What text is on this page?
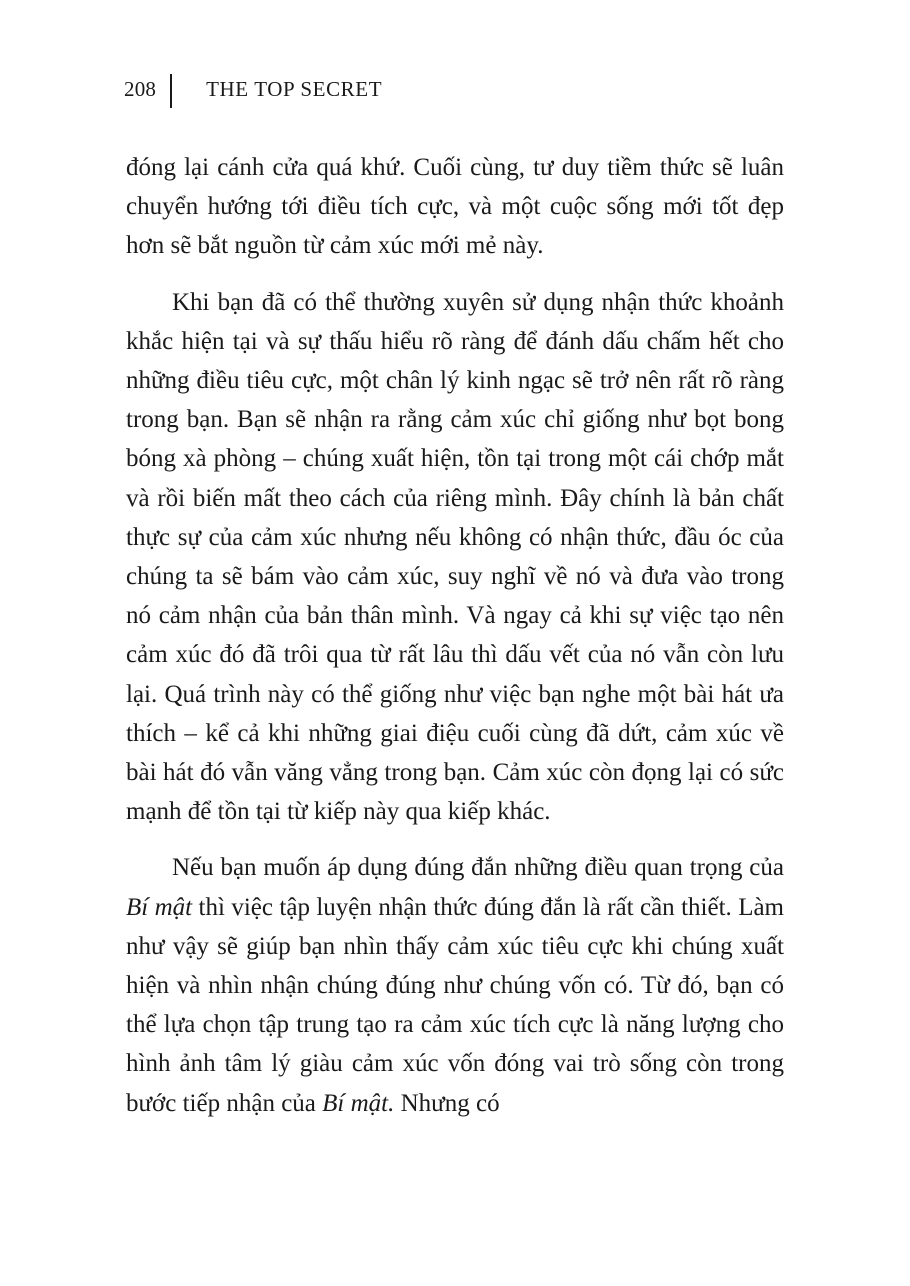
208 THE TOP SECRET

đóng lại cánh cửa quá khứ. Cuối cùng, tư duy tiềm thức sẽ luân chuyển hướng tới điều tích cực, và một cuộc sống mới tốt đẹp hơn sẽ bắt nguồn từ cảm xúc mới mẻ này.

Khi bạn đã có thể thường xuyên sử dụng nhận thức khoảnh khắc hiện tại và sự thấu hiểu rõ ràng để đánh dấu chấm hết cho những điều tiêu cực, một chân lý kinh ngạc sẽ trở nên rất rõ ràng trong bạn. Bạn sẽ nhận ra rằng cảm xúc chỉ giống như bọt bong bóng xà phòng – chúng xuất hiện, tồn tại trong một cái chớp mắt và rồi biến mất theo cách của riêng mình. Đây chính là bản chất thực sự của cảm xúc nhưng nếu không có nhận thức, đầu óc của chúng ta sẽ bám vào cảm xúc, suy nghĩ về nó và đưa vào trong nó cảm nhận của bản thân mình. Và ngay cả khi sự việc tạo nên cảm xúc đó đã trôi qua từ rất lâu thì dấu vết của nó vẫn còn lưu lại. Quá trình này có thể giống như việc bạn nghe một bài hát ưa thích – kể cả khi những giai điệu cuối cùng đã dứt, cảm xúc về bài hát đó vẫn văng vẳng trong bạn. Cảm xúc còn đọng lại có sức mạnh để tồn tại từ kiếp này qua kiếp khác.

Nếu bạn muốn áp dụng đúng đắn những điều quan trọng của Bí mật thì việc tập luyện nhận thức đúng đắn là rất cần thiết. Làm như vậy sẽ giúp bạn nhìn thấy cảm xúc tiêu cực khi chúng xuất hiện và nhìn nhận chúng đúng như chúng vốn có. Từ đó, bạn có thể lựa chọn tập trung tạo ra cảm xúc tích cực là năng lượng cho hình ảnh tâm lý giàu cảm xúc vốn đóng vai trò sống còn trong bước tiếp nhận của Bí mật. Nhưng có
